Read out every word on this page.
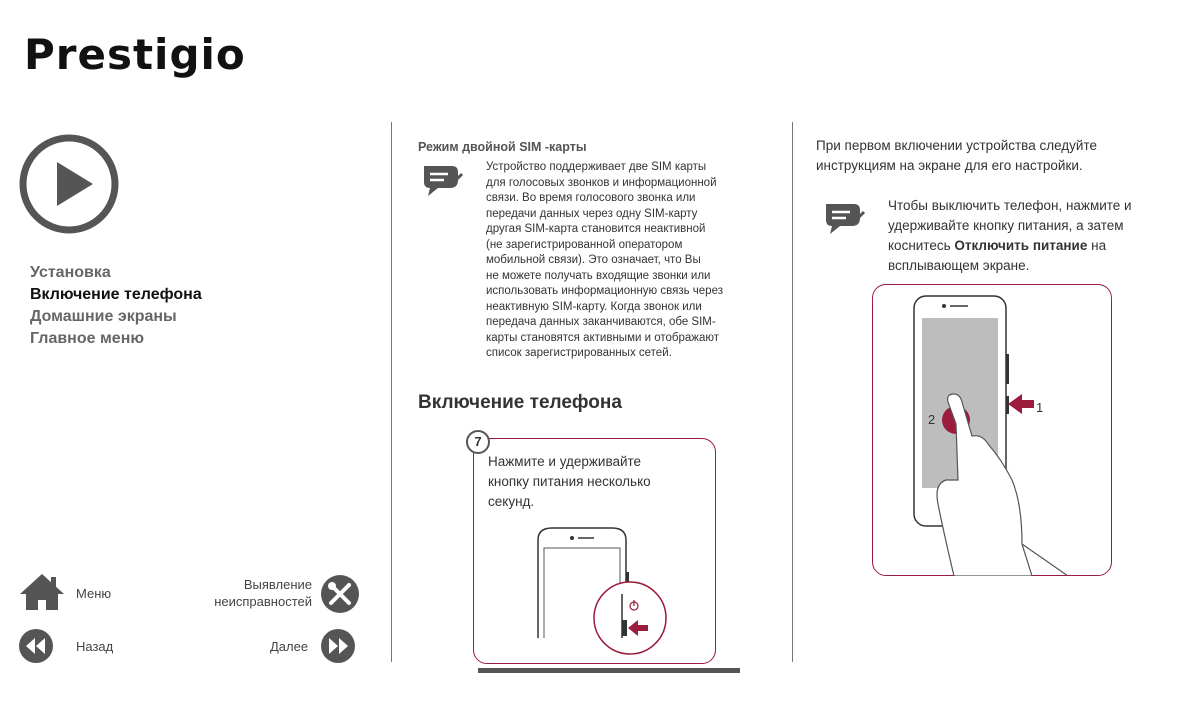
Prestigio
Установка
Включение телефона
Домашние экраны
Главное меню
Меню
Выявление
неисправностей
Назад	Далее
Режим двойной SIM -карты
Устройство поддерживает две SIM карты
для голосовых звонков и информационной
связи. Во время голосового звонка или
передачи данных через одну SIM-карту
другая SIM-карта становится неактивной
(не зарегистрированной оператором
мобильной связи). Это означает, что Вы
не можете получать входящие звонки или
использовать информационную связь через
неактивную SIM-карту. Когда звонок или
передача данных заканчиваются, обе SIM-
карты становятся активными и отображают
список зарегистрированных сетей.
Включение телефона
7
Нажмите и удерживайте
кнопку питания несколько
секунд.
При первом включении устройства следуйте
инструкциям на экране для его настройки.
Чтобы выключить телефон, нажмите и
удерживайте кнопку питания, а затем
коснитесь Отключить питание на
всплывающем экране.
2
1
